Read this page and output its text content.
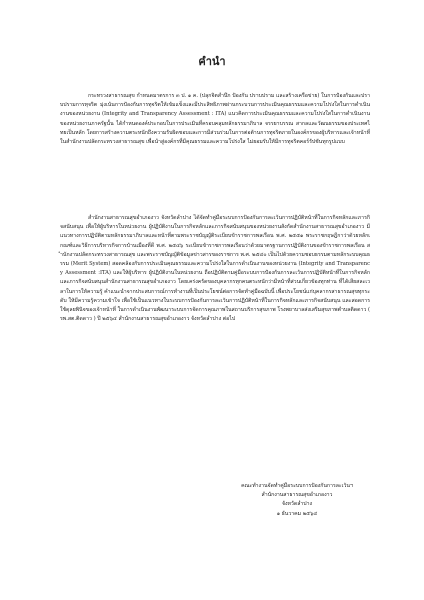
คำนำ
กระทรวงสาธารณสุข กำหนดมาตรการ ๓ ป. ๑ ค. (ปลุกจิตสำนึก ป้องกัน ปราบปราม และสร้างเครือข่าย) ในการป้องกันและปราบปรามการทุจริต มุ่งเน้นการป้องกันการทุจริตให้เข้มแข็งและมีประสิทธิภาพผ่านกระบวนการประเมินคุณธรรมและความโปร่งใสในการดำเนินงานของหน่วยงาน (Integrity and Transparency Assessment : ITA) แนวคิดการประเมินคุณธรรมและความโปร่งใสในการดำเนินงานของหน่วยงานภาครัฐนั้น ได้กำหนดองค์ประกอบในการประเมินที่ครอบคลุมหลักธรรมาภิบาล จรรยาบรรณ สากลและวัฒนธรรมของประเทศไทยเป็นหลัก โดยการสร้างความตระหนักถึงความรับผิดชอบและการมีส่วนร่วมในการต่อต้านการทุจริตภายในองค์กรของผู้บริหารและเจ้าหน้าที่ในสำนักงานปลัดกระทรวงสาธารณสุข เพื่อนำสู่องค์กรที่มีคุณธรรมและความโปร่งใส ไม่ยอมรับให้มีการทุจริตคอร์รัปชันทุกรูปแบบ
สำนักงานสาธารณสุขอำเภองาว จังหวัดลำปาง ได้จัดทำคู่มือระบบการป้องกันการละเว้นการปฏิบัติหน้าที่ในการกิจหลักและภารกิจสนับสนุน เพื่อให้ผู้บริหารในหน่วยงาน ผู้ปฏิบัติงานในการกิจหลักและภารกิจสนับสนุนของหน่วยงานสังกัดสำนักงานสาธารณสุขอำเภองาว มีแนวทางการปฏิบัติตามหลักธรรมาภิบาลและหน้าที่ตามพระราชบัญญัติระเบียบข้าราชการพลเรือน พ.ศ. ๒๕๕๑ พระราชกฤษฎีกาว่าด้วยหลักเกณฑ์และวิธีการบริหารกิจการบ้านเมืองที่ดี พ.ศ. ๒๕๔๖ ระเบียบข้าราชการพลเรือนว่าด้วยมาตรฐานการปฏิบัติงานของข้าราชการพลเรือน สำนักงานปลัดกระทรวงสาธารณสุข และพระราชบัญญัติข้อมูลข่าวสารของราชการ พ.ศ. ๒๕๔๐ เป็นไปด้วยความชอบธรรมตามหลักระบบคุณธรรม (Merit System) สอดคล้องกับการประเมินคุณธรรมและความโปร่งใสในการดำเนินงานของหน่วยงาน (Integrity and Transparency Assessment :ITA) และให้ผู้บริหาร ผู้ปฏิบัติงานในหน่วยงาน ถือปฏิบัติตามคู่มือระบบการป้องกันการละเว้นการปฏิบัติหน้าที่ในการกิจหลักและภารกิจสนับสนุนสำนักงานสาธารณสุขอำเภองาว โดยเคร่งครัดของบุคลากรทุกคนตระหนักว่ามีหน้าที่ส่วนเกี่ยวข้องทุกท่าน ที่ได้เสียสละเวลาในการให้ความรู้ คำแนะนำจากประสบการณ์การทำงานที่เป็นประโยชน์ต่อการจัดทำคู่มือฉบับนี้ เพื่อประโยชน์แก่บุคลากรสาธารณสุขทุกระดับ ให้มีความรู้ความเข้าใจ เพื่อใช้เป็นแนวทางในระบบการป้องกันการละเว้นการปฏิบัติหน้าที่ในการกิจหลักและภารกิจสนับสนุน และสอดการใช้ดุลยพินิจของเจ้าหน้าที่ ในการดำเนินงานพัฒนาระบบการจัดการคุณภาพในสถานบริการสุขภาพ โรงพยาบาลส่งเสริมสุขภาพตำบลติดดาว ( รพ.สต.ติดดาว ) ปี ๒๕๖๔ สำนักงานสาธารณสุขอำเภองาว จังหวัดลำปาง ต่อไป
คณะทำงานจัดทำคู่มือระบบการป้องกันการละเว้นฯ
สำนักงานสาธารณสุขอำเภองาว
จังหวัดลำปาง
๑ ธันวาคม ๒๕๖๔
